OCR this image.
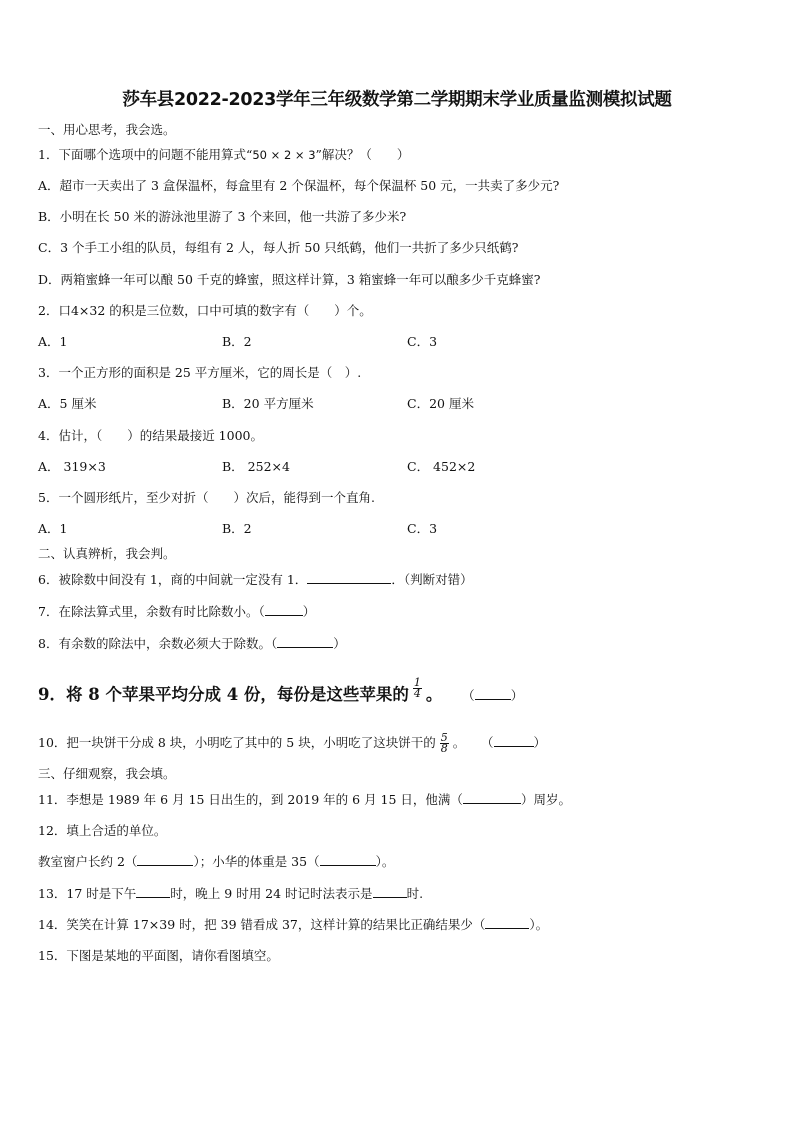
莎车县2022-2023学年三年级数学第二学期期末学业质量监测模拟试题
一、用心思考，我会选。
1．下面哪个选项中的问题不能用算式“50 × 2 × 3”解决？（　　）
A．超市一天卖出了 3 盒保温杯，每盒里有 2 个保温杯，每个保温杯 50 元，一共卖了多少元?
B．小明在长 50 米的游泳池里游了 3 个来回，他一共游了多少米?
C．3 个手工小组的队员，每组有 2 人，每人折 50 只纸鹤，他们一共折了多少只纸鹤?
D．两箱蜜蜂一年可以酿 50 千克的蜂蜜，照这样计算，3 箱蜜蜂一年可以酿多少千克蜂蜜?
2．口4×32 的积是三位数，口中可填的数字有（　　）个。
A．1	B．2	C．3
3．一个正方形的面积是 25 平方厘米，它的周长是（　）.
A．5 厘米	B．20 平方厘米	C．20 厘米
4．估计，（　　）的结果最接近 1000。
A． 319×3	B． 252×4	C． 452×2
5．一个圆形纸片，至少对折（　　）次后，能得到一个直角.
A．1	B．2	C．3
二、认真辨析，我会判。
6．被除数中间没有 1，商的中间就一定没有 1．	．（判断对错）
7．在除法算式里，余数有时比除数小。（	）
8．有余数的除法中，余数必须大于除数。（	）
9．将 8 个苹果平均分成 4 份，每份是这些苹果的 $\frac{1}{4}$ 。 （	）
10．把一块饼干分成 8 块，小明吃了其中的 5 块，小明吃了这块饼干的 $\frac{5}{8}$ 。 （	）
三、仔细观察，我会填。
11．李想是 1989 年 6 月 15 日出生的，到 2019 年的 6 月 15 日，他满（	）周岁。
12．填上合适的单位。
教室窗户长约 2（	）；小华的体重是 35（	）。
13．17 时是下午	时，晚上 9 时用 24 时记时法表示是	时.
14．笑笑在计算 17×39 时，把 39 错看成 37，这样计算的结果比正确结果少（	）。
15．下图是某地的平面图，请你看图填空。
